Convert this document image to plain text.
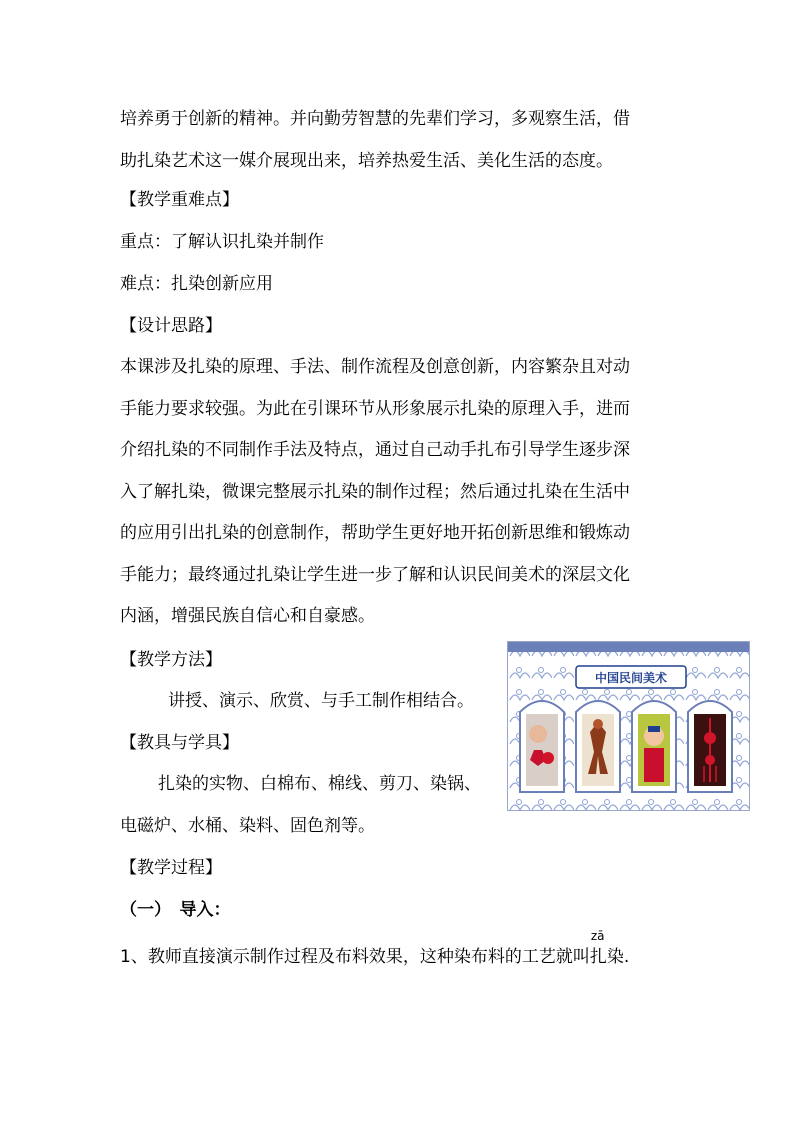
培养勇于创新的精神。并向勤劳智慧的先辈们学习，多观察生活，借
助扎染艺术这一媒介展现出来，培养热爱生活、美化生活的态度。
【教学重难点】
重点：了解认识扎染并制作
难点：扎染创新应用
【设计思路】
本课涉及扎染的原理、手法、制作流程及创意创新，内容繁杂且对动
手能力要求较强。为此在引课环节从形象展示扎染的原理入手，进而
介绍扎染的不同制作手法及特点，通过自己动手扎布引导学生逐步深
入了解扎染，微课完整展示扎染的制作过程；然后通过扎染在生活中
的应用引出扎染的创意制作，帮助学生更好地开拓创新思维和锻炼动
手能力；最终通过扎染让学生进一步了解和认识民间美术的深层文化
内涵，增强民族自信心和自豪感。
【教学方法】
讲授、演示、欣赏、与手工制作相结合。
【教具与学具】
扎染的实物、白棉布、棉线、剪刀、染锅、
电磁炉、水桶、染料、固色剂等。
【教学过程】
（一）　导入：
1、教师直接演示制作过程及布料效果，这种染布料的工艺就叫
zā
扎染.
中国民间美术
